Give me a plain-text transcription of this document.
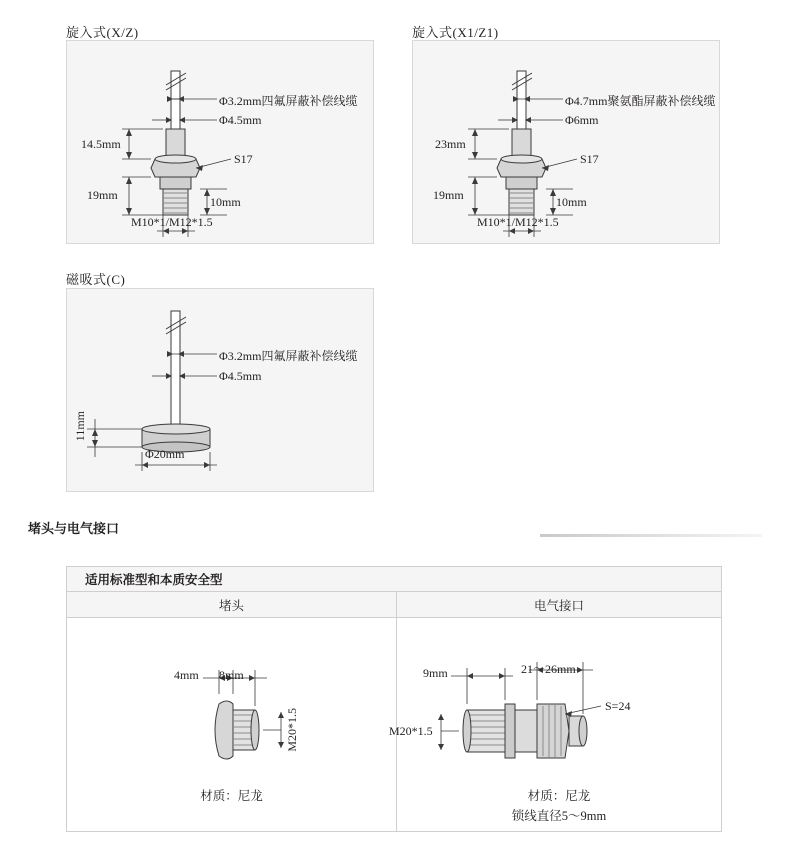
旋入式(X/Z)
Φ3.2mm四氟屏蔽补偿线缆
Φ4.5mm
14.5mm
19mm	10mm
S17
M10*1/M12*1.5
旋入式(X1/Z1)
Φ4.7mm聚氨酯屏蔽补偿线缆
Φ6mm
23mm
19mm	10mm
S17
M10*1/M12*1.5
磁吸式(C)
Φ3.2mm四氟屏蔽补偿线缆
Φ4.5mm
11mm
Φ20mm
堵头与电气接口
适用标准型和本质安全型
堵头	电气接口
4mm 8mm
M20*1.5
材质：尼龙
9mm	21～26mm
S=24
M20*1.5
材质：尼龙
锁线直径5～9mm
